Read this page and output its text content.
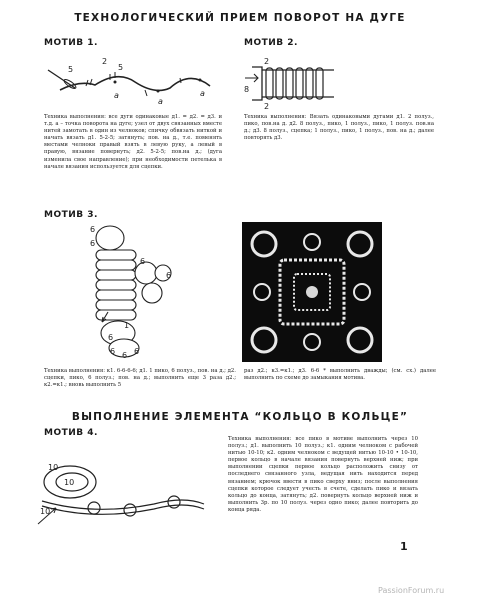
ТЕХНОЛОГИЧЕСКИЙ ПРИЕМ ПОВОРОТ НА ДУГЕ
МОТИВ 1.
5
2
5
a
a
a
Техника выполнения: все дуги одинаковые д1. = д2. = д3. и т.д. а – точка поворота на дуге; узел от двух связанных вместе нитей замотать в один из челноков; спичку обвязать ниткой и начать вязать д1. 5-2-5; затянуть; пов. на д., т.е. поменять местами челноки правый взять в левую руку, а левый в правую, вязание повернуть; д2. 5-2-5; пов.на д.; (дуга изменила свое направление); при необходимости петелька в начале вязания используется для сцепки.
МОТИВ 2.
2
8
2
Техника выполнения: Вязать одинаковыми дугами д1. 2 полуз., пико, пов.на д. д2. 8 полуз., пико, 1 полуз., пико, 1 полуз. пов.на д.; д3. 8 полуз., сцепка; 1 полуз., пико, 1 полуз., пов. на д.; далее повторять д3.
МОТИВ 3.
6
6
6
6
1
6
6 6 6
Техника выполнения: к1. 6-6-6-6; д1. 1 пико, 6 полуз., пов. на д.; д2. сцепки, пико, 6 полуз.; пов. на д.; выполнить еще 3 раза д2.; к2.=к1.; вновь выполнить 5
раз д2.; к3.=к1.; д3. 6-6 * выполнить дважды; (см. сх.) далее выполнить по схеме до замыкания мотива.
ВЫПОЛНЕНИЕ ЭЛЕМЕНТА “КОЛЬЦО В КОЛЬЦЕ”
МОТИВ 4.
10
10
10
Техника выполнения: все пико в мотиве выполнить через 10 полуз.; д1. выполнить 10 полуз.; к1. одним челноком с рабочей нитью 10-10; к2. одним челноком с ведущей нитью 10-10 • 10-10, первое кольцо в начале вязания повернуть верхней ниж; при выполнении сцепки первое кольцо расположить снизу от последнего связанного узла, ведущая нить находится перед вязанием; крючок ввести в пико сверху вниз; после выполнения сцепки которое следует учесть в счете, сделать пико и вязать кольцо до конца, затянуть; д2. повернуть кольцо верхней ниж и выполнить 3р. по 10 полуз. через одно пико; далее повторить до конца ряда.
1
PassionForum.ru
